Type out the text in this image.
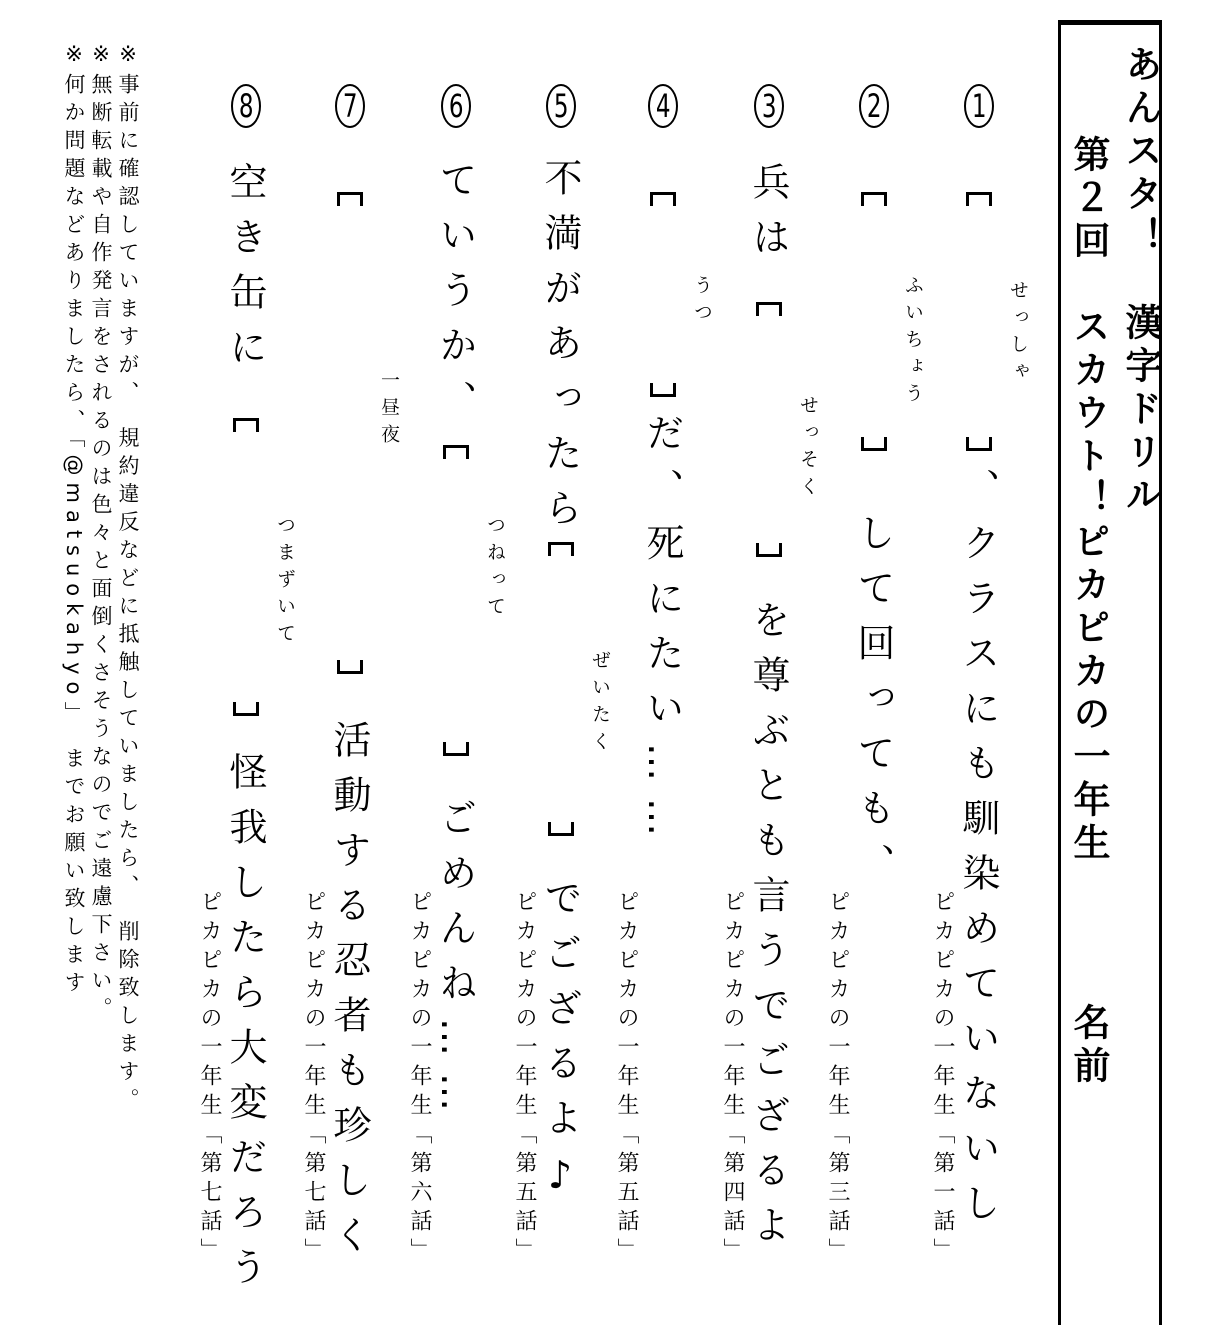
あんスタ！　漢字ドリル
第２回　スカウト！ピカピカの一年生
名前
1
せっしゃ
、クラスにも馴染めていないし
ピカピカの一年生「第一話」
2
ふいちょう
して回っても、
ピカピカの一年生「第三話」
3
兵は
せっそく
を尊ぶとも言うでござるよ
ピカピカの一年生「第四話」
4
うつ
だ、死にたい……
ピカピカの一年生「第五話」
5
不満があったら
ぜいたく
でござるよ♪
ピカピカの一年生「第五話」
6
ていうか、
つねって
ごめんね……
ピカピカの一年生「第六話」
7
一昼夜
活動する忍者も珍しく
ピカピカの一年生「第七話」
8
空き缶に
つまずいて
怪我したら大変だろう
ピカピカの一年生「第七話」
※事前に確認していますが、　規約違反などに抵触していましたら、　削除致します。
※無断転載や自作発言をされるのは色々と面倒くさそうなのでご遠慮下さい。
※何か問題などありましたら、「@matsuokahyo」　までお願い致します
